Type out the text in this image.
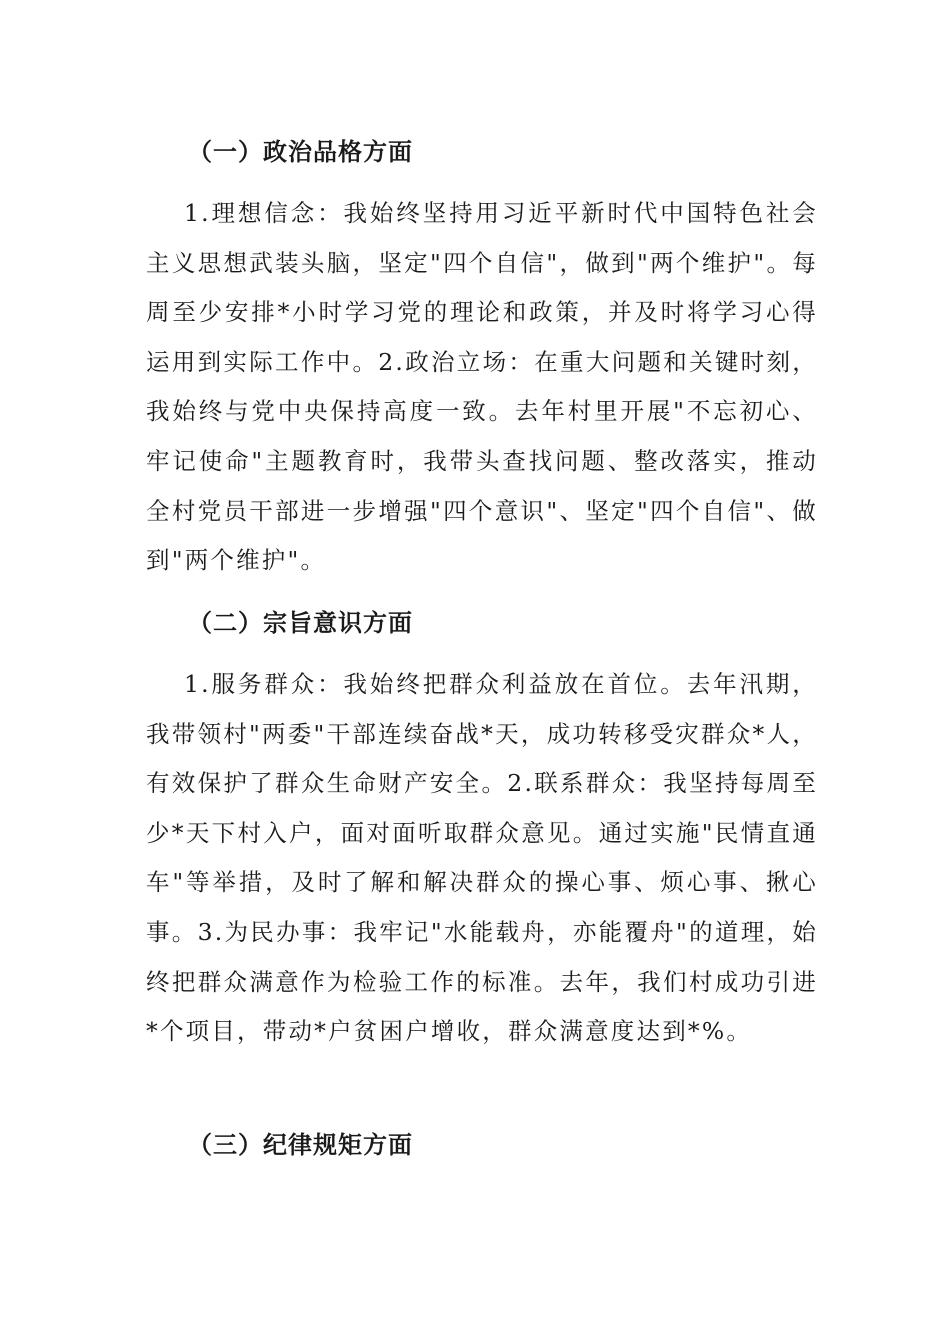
（一）政治品格方面
1.理想信念：我始终坚持用习近平新时代中国特色社会主义思想武装头脑，坚定"四个自信"，做到"两个维护"。每周至少安排*小时学习党的理论和政策，并及时将学习心得运用到实际工作中。2.政治立场：在重大问题和关键时刻，我始终与党中央保持高度一致。去年村里开展"不忘初心、牢记使命"主题教育时，我带头查找问题、整改落实，推动全村党员干部进一步增强"四个意识"、坚定"四个自信"、做到"两个维护"。
（二）宗旨意识方面
1.服务群众：我始终把群众利益放在首位。去年汛期，我带领村"两委"干部连续奋战*天，成功转移受灾群众*人，有效保护了群众生命财产安全。2.联系群众：我坚持每周至少*天下村入户，面对面听取群众意见。通过实施"民情直通车"等举措，及时了解和解决群众的操心事、烦心事、揪心事。3.为民办事：我牢记"水能载舟，亦能覆舟"的道理，始终把群众满意作为检验工作的标准。去年，我们村成功引进*个项目，带动*户贫困户增收，群众满意度达到*%。
（三）纪律规矩方面
